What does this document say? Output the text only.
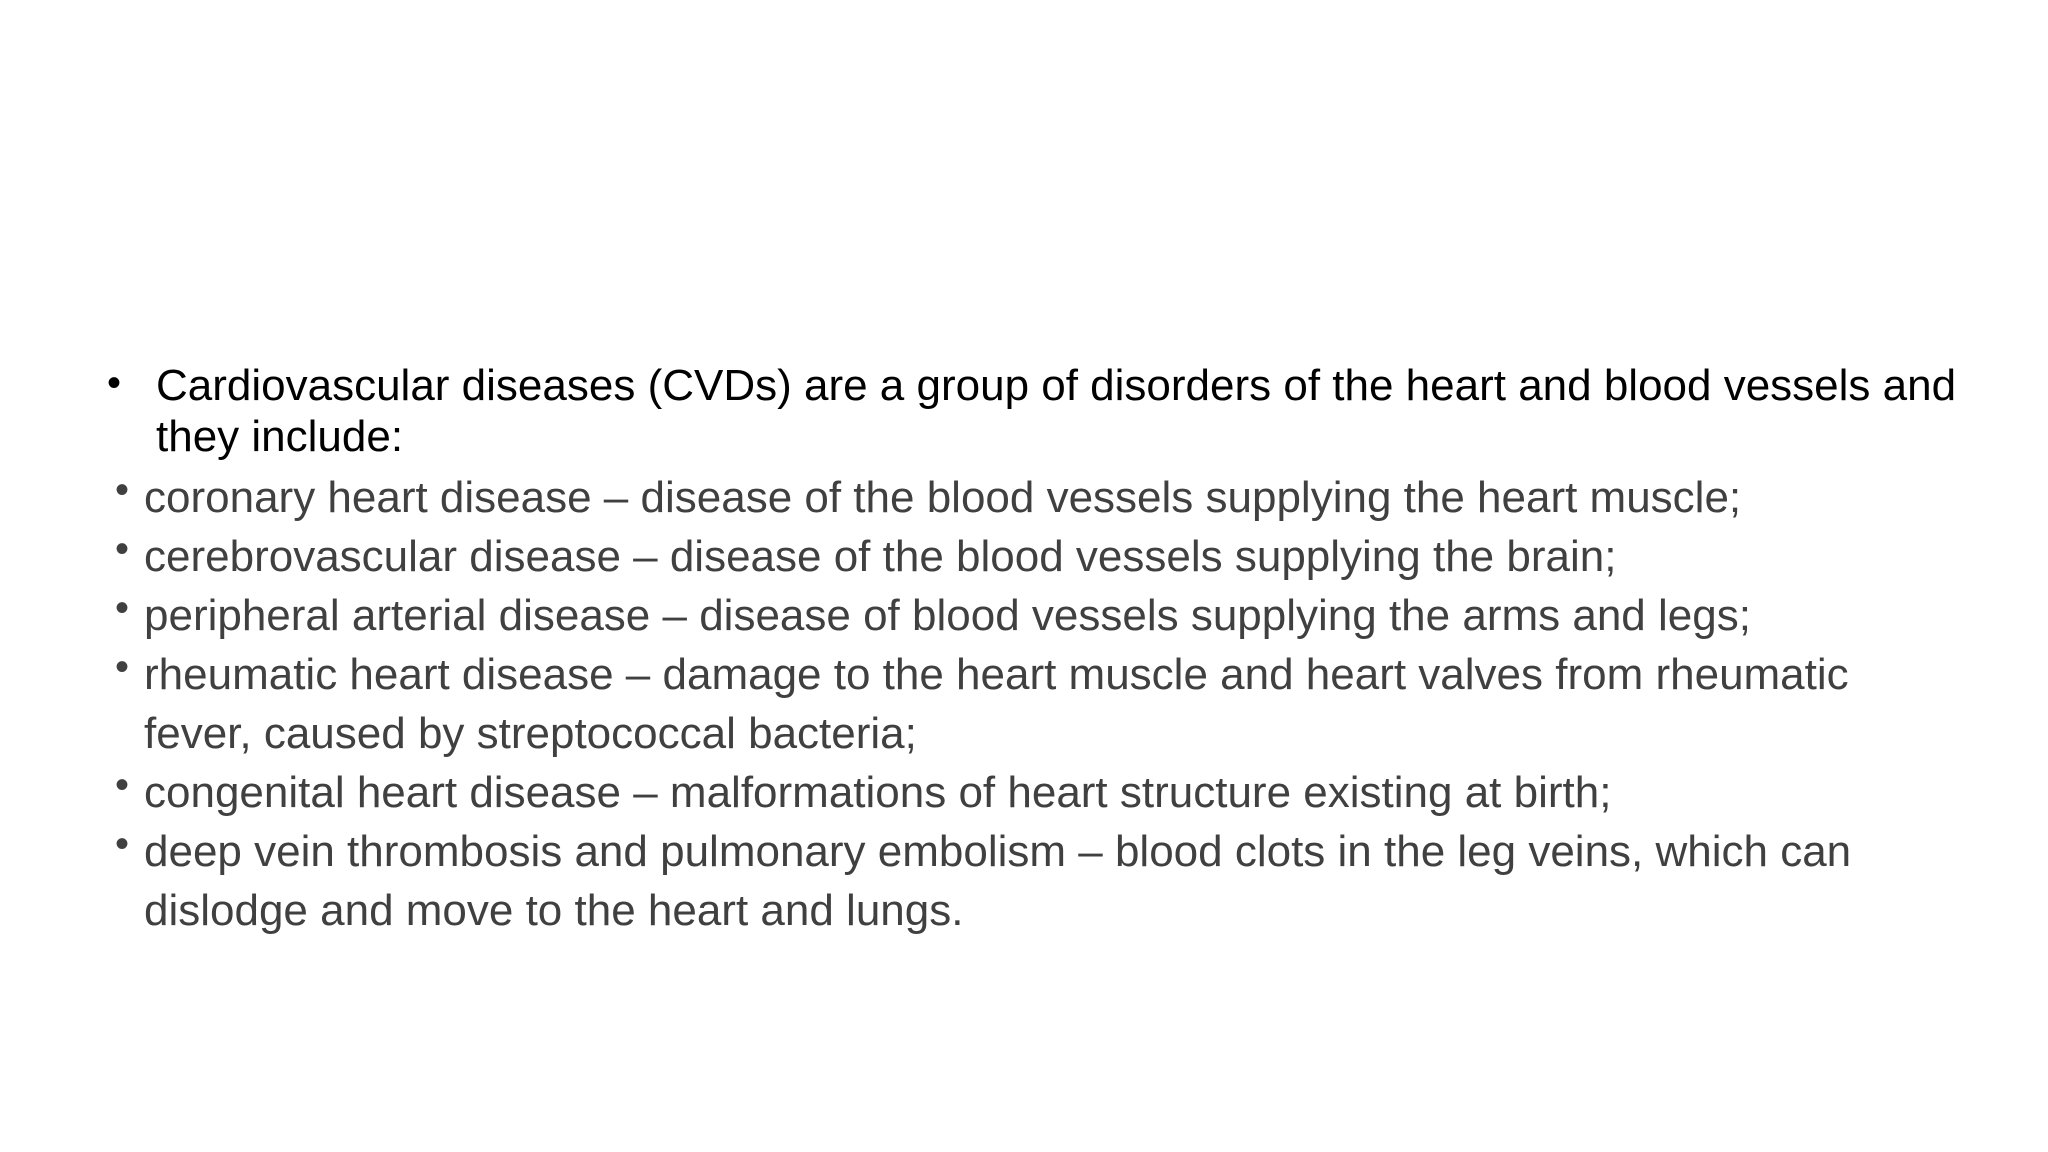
• Cardiovascular diseases (CVDs) are a group of disorders of the heart and blood vessels and they include:
• coronary heart disease – disease of the blood vessels supplying the heart muscle;
• cerebrovascular disease – disease of the blood vessels supplying the brain;
• peripheral arterial disease – disease of blood vessels supplying the arms and legs;
• rheumatic heart disease – damage to the heart muscle and heart valves from rheumatic fever, caused by streptococcal bacteria;
• congenital heart disease – malformations of heart structure existing at birth;
• deep vein thrombosis and pulmonary embolism – blood clots in the leg veins, which can dislodge and move to the heart and lungs.
